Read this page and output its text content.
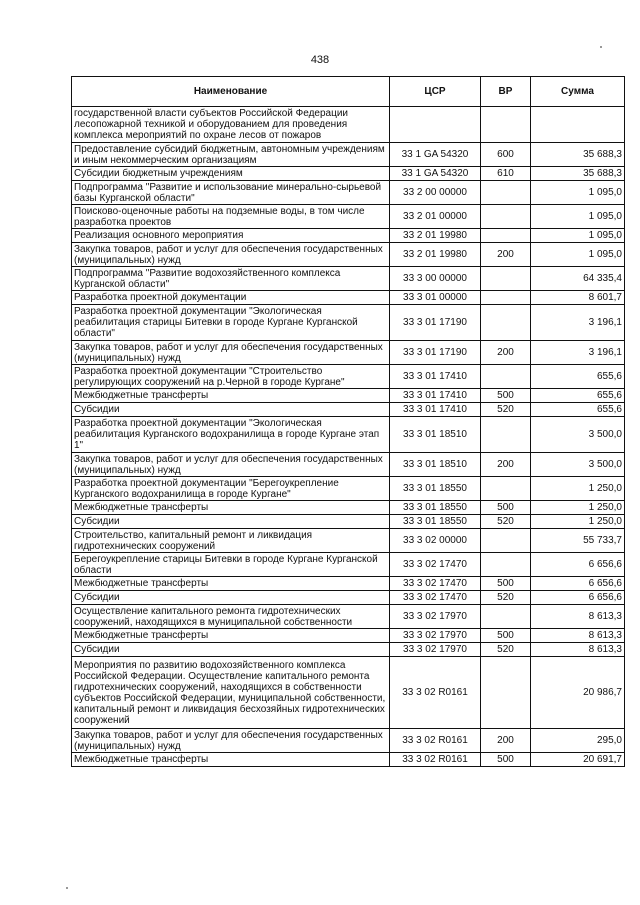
438
Наименование	ЦСР	ВР	Сумма
государственной власти субъектов Российской Федерации лесопожарной техникой и оборудованием для проведения комплекса мероприятий по охране лесов от пожаров			
Предоставление субсидий бюджетным, автономным учреждениям и иным некоммерческим организациям	33 1 GA 54320	600	35 688,3
Субсидии бюджетным учреждениям	33 1 GA 54320	610	35 688,3
Подпрограмма "Развитие и использование минерально-сырьевой базы Курганской области"	33 2 00 00000		1 095,0
Поисково-оценочные работы на подземные воды, в том числе разработка проектов	33 2 01 00000		1 095,0
Реализация основного мероприятия	33 2 01 19980		1 095,0
Закупка товаров, работ и услуг для обеспечения государственных (муниципальных) нужд	33 2 01 19980	200	1 095,0
Подпрограмма "Развитие водохозяйственного комплекса Курганской области"	33 3 00 00000		64 335,4
Разработка проектной документации	33 3 01 00000		8 601,7
Разработка проектной документации "Экологическая реабилитация старицы Битевки в городе Кургане Курганской области"	33 3 01 17190		3 196,1
Закупка товаров, работ и услуг для обеспечения государственных (муниципальных) нужд	33 3 01 17190	200	3 196,1
Разработка проектной документации "Строительство регулирующих сооружений на р.Черной в городе Кургане"	33 3 01 17410		655,6
Межбюджетные трансферты	33 3 01 17410	500	655,6
Субсидии	33 3 01 17410	520	655,6
Разработка проектной документации "Экологическая реабилитация Курганского водохранилища в городе Кургане этап 1"	33 3 01 18510		3 500,0
Закупка товаров, работ и услуг для обеспечения государственных (муниципальных) нужд	33 3 01 18510	200	3 500,0
Разработка проектной документации "Берегоукрепление Курганского водохранилища в городе Кургане"	33 3 01 18550		1 250,0
Межбюджетные трансферты	33 3 01 18550	500	1 250,0
Субсидии	33 3 01 18550	520	1 250,0
Строительство, капитальный ремонт и ликвидация гидротехнических сооружений	33 3 02 00000		55 733,7
Берегоукрепление старицы Битевки в городе Кургане Курганской области	33 3 02 17470		6 656,6
Межбюджетные трансферты	33 3 02 17470	500	6 656,6
Субсидии	33 3 02 17470	520	6 656,6
Осуществление капитального ремонта гидротехнических сооружений, находящихся в муниципальной собственности	33 3 02 17970		8 613,3
Межбюджетные трансферты	33 3 02 17970	500	8 613,3
Субсидии	33 3 02 17970	520	8 613,3
Мероприятия по развитию водохозяйственного комплекса Российской Федерации. Осуществление капитального ремонта гидротехнических сооружений, находящихся в собственности субъектов Российской Федерации, муниципальной собственности, капитальный ремонт и ликвидация бесхозяйных гидротехнических сооружений	33 3 02 R0161		20 986,7
Закупка товаров, работ и услуг для обеспечения государственных (муниципальных) нужд	33 3 02 R0161	200	295,0
Межбюджетные трансферты	33 3 02 R0161	500	20 691,7
